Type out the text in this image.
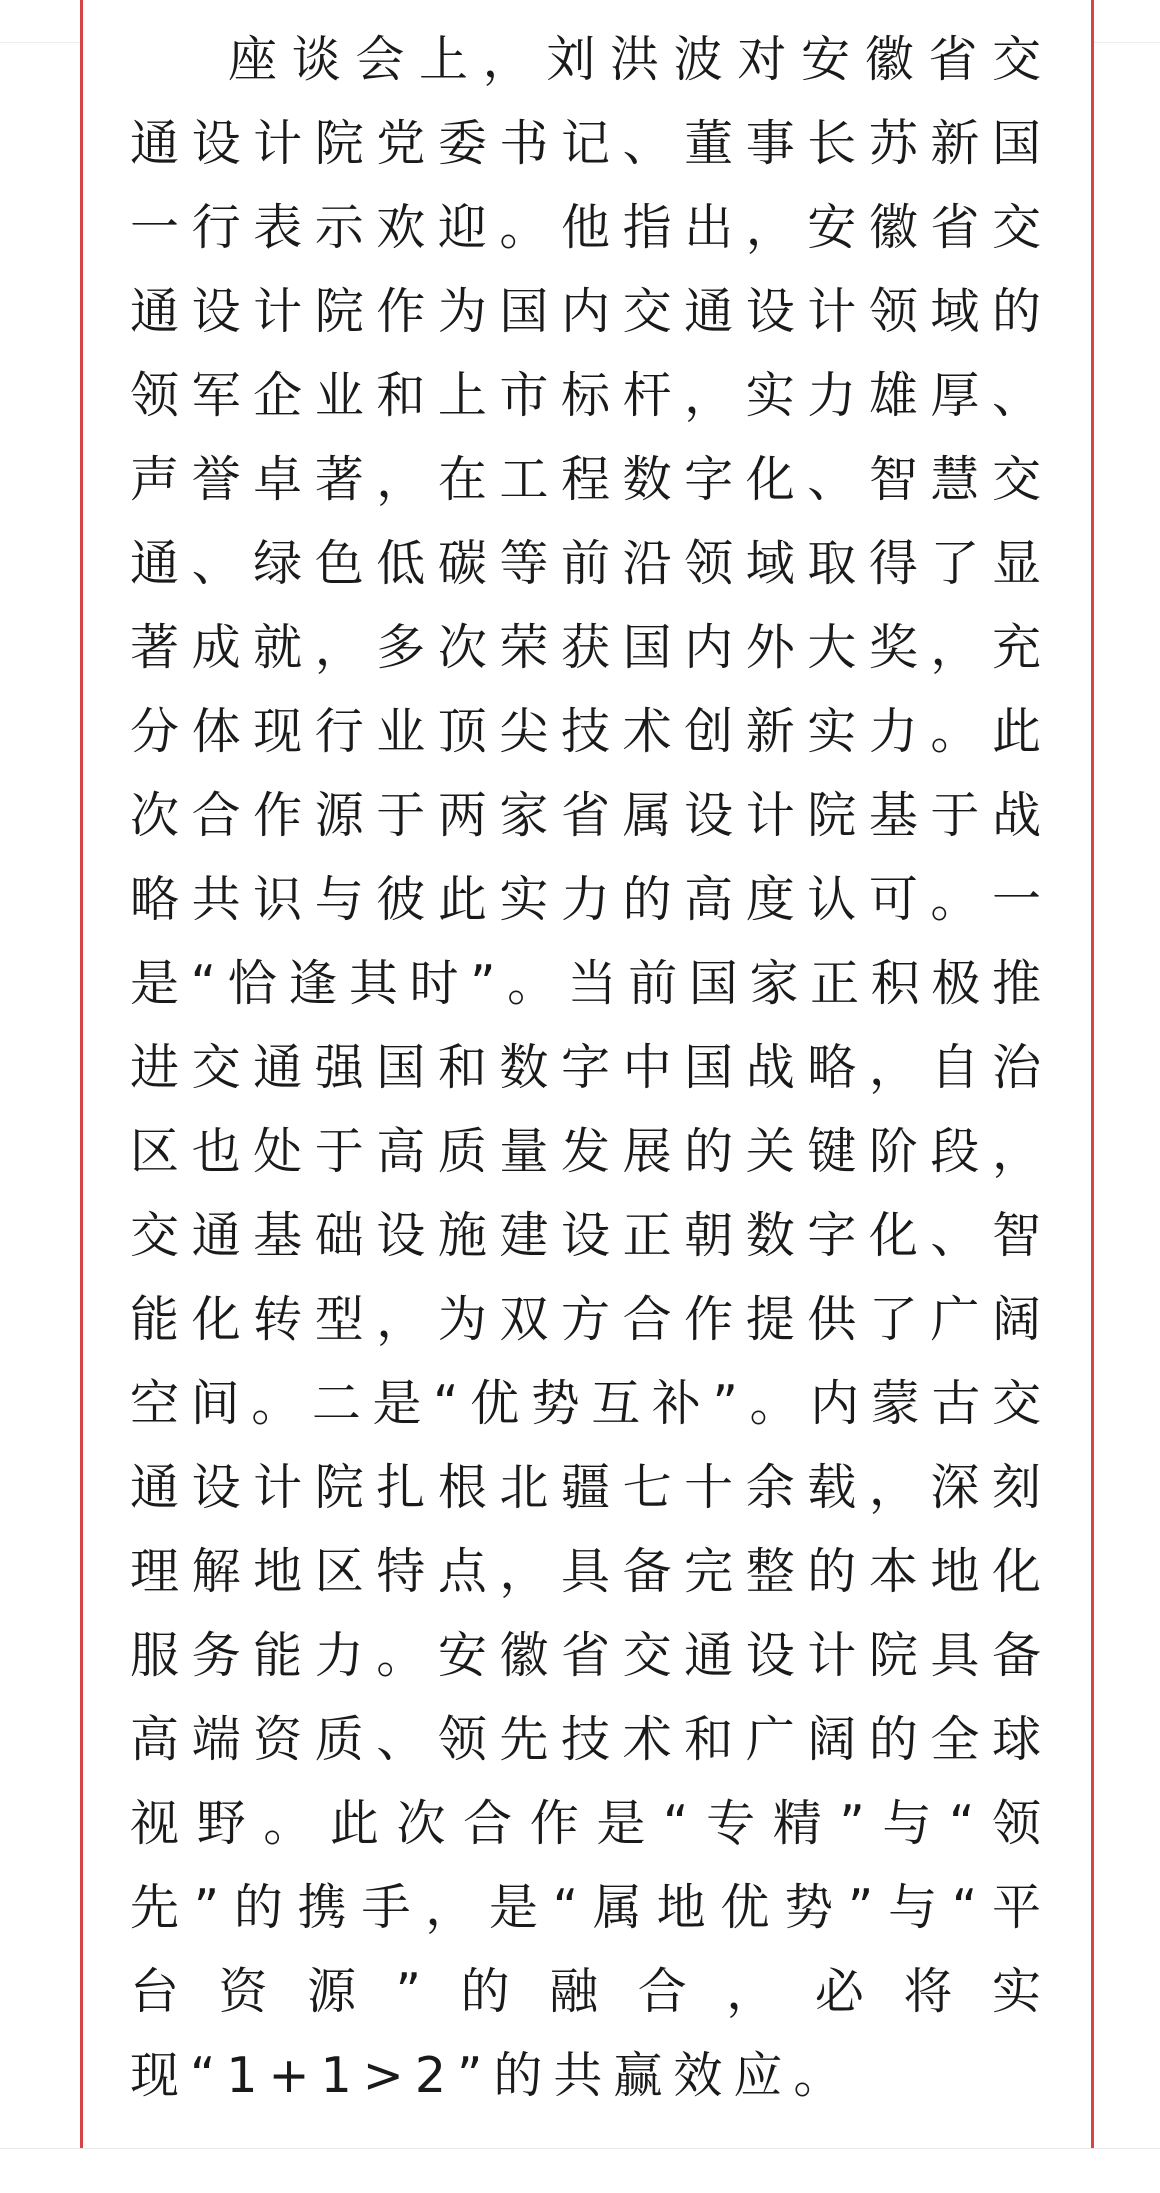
座谈会上，刘洪波对安徽省交通设计院党委书记、董事长苏新国一行表示欢迎。他指出，安徽省交通设计院作为国内交通设计领域的领军企业和上市标杆，实力雄厚、声誉卓著，在工程数字化、智慧交通、绿色低碳等前沿领域取得了显著成就，多次荣获国内外大奖，充分体现行业顶尖技术创新实力。此次合作源于两家省属设计院基于战略共识与彼此实力的高度认可。一是“恰逢其时”。当前国家正积极推进交通强国和数字中国战略，自治区也处于高质量发展的关键阶段，交通基础设施建设正朝数字化、智能化转型，为双方合作提供了广阔空间。二是“优势互补”。内蒙古交通设计院扎根北疆七十余载，深刻理解地区特点，具备完整的本地化服务能力。安徽省交通设计院具备高端资质、领先技术和广阔的全球视野。此次合作是“专精”与“领先”的携手，是“属地优势”与“平台资源”的融合，必将实现“1+1>2”的共赢效应。
